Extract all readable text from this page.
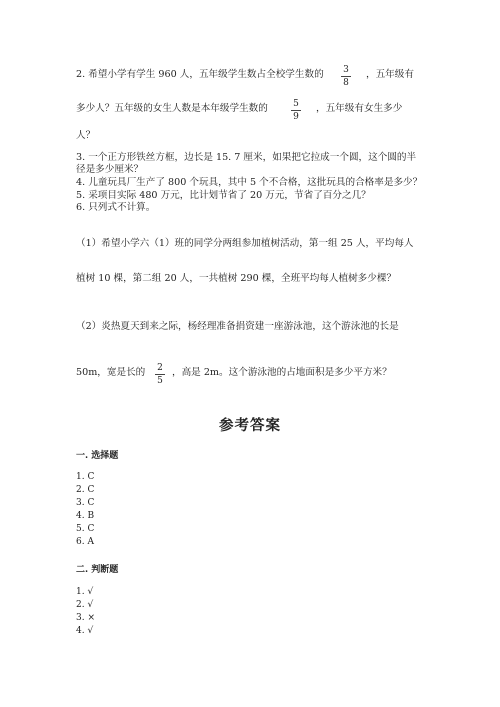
2. 希望小学有学生 960 人，五年级学生数占全校学生数的	3
8
，五年级有
多少人？五年级的女生人数是本年级学生数的	5
9
，五年级有女生多少
人？
3. 一个正方形铁丝方框，边长是 15. 7 厘米，如果把它拉成一个圆，这个圆的半
径是多少厘米？
4. 儿童玩具厂生产了 800 个玩具，其中 5 个不合格，这批玩具的合格率是多少？
5. 采项目实际 480 万元，比计划节省了 20 万元，节省了百分之几？
6. 只列式不计算。
（1）希望小学六（1）班的同学分两组参加植树活动，第一组 25 人，平均每人
植树 10 棵，第二组 20 人，一共植树 290 棵，全班平均每人植树多少棵？
（2）炎热夏天到来之际，杨经理准备捐资建一座游泳池，这个游泳池的长是
50m，宽是长的	2
5
，高是 2m。这个游泳池的占地面积是多少平方米？
参考答案
一. 选择题
1. C
2. C
3. C
4. B
5. C
6. A
二. 判断题
1. √
2. √
3. ×
4. √
